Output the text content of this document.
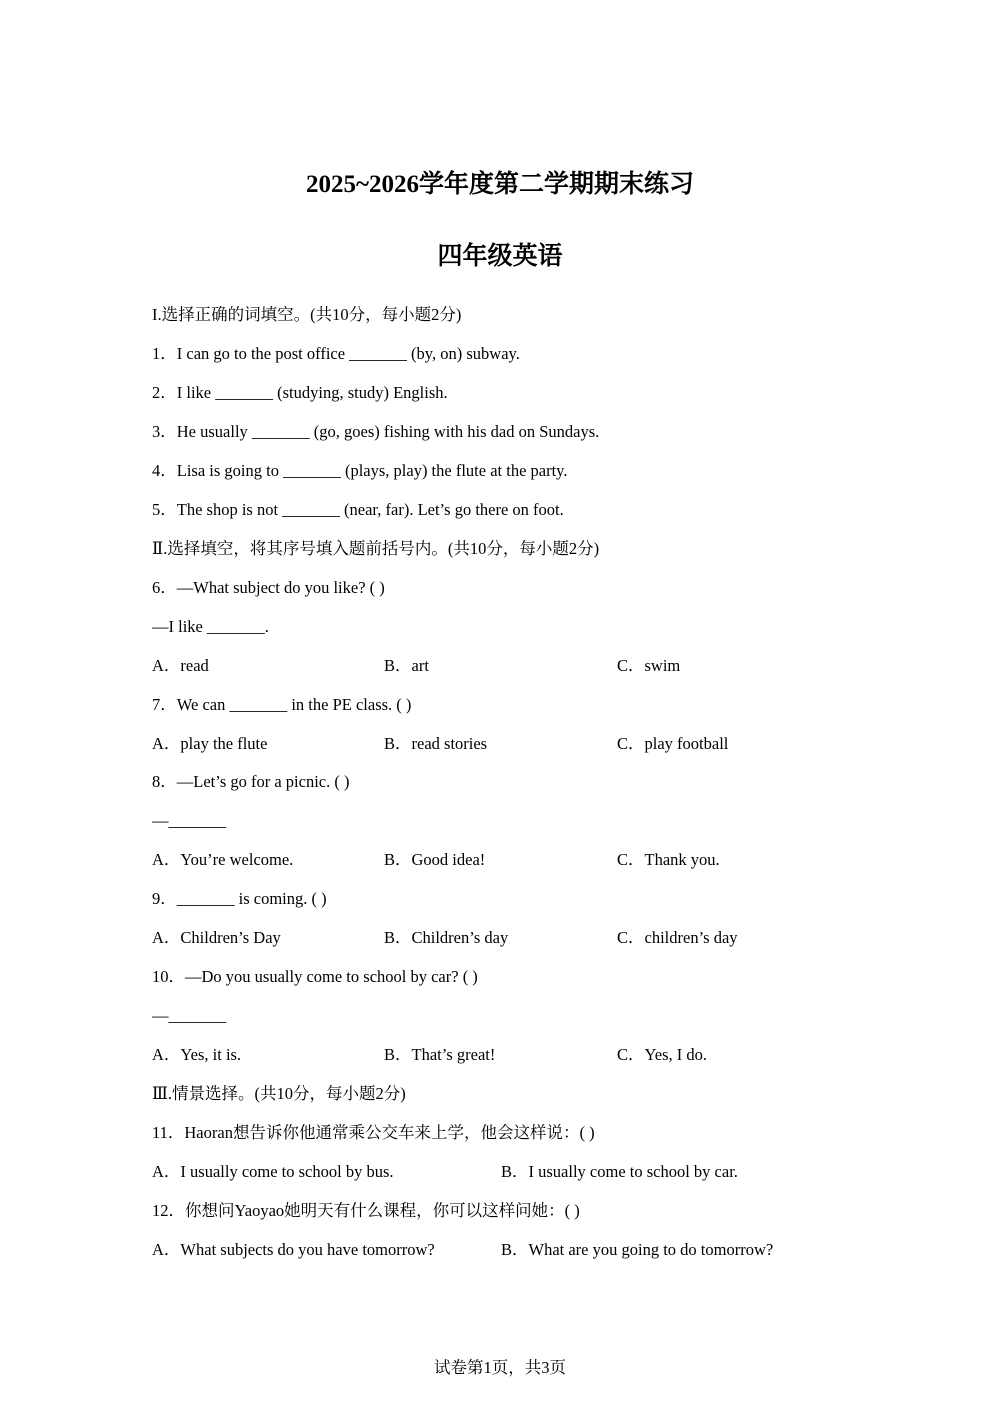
2025~2026学年度第二学期期末练习
四年级英语
I.选择正确的词填空。(共10分，每小题2分)
1．I can go to the post office _______ (by, on) subway.
2．I like _______ (studying, study) English.
3．He usually _______ (go, goes) fishing with his dad on Sundays.
4．Lisa is going to _______ (plays, play) the flute at the party.
5．The shop is not _______ (near, far). Let’s go there on foot.
Ⅱ.选择填空，将其序号填入题前括号内。(共10分，每小题2分)
6．—What subject do you like? ( )
—I like _______.
A．read	B．art	C．swim
7．We can _______ in the PE class. ( )
A．play the flute	B．read stories	C．play football
8．—Let’s go for a picnic. ( )
—_______
A．You’re welcome.	B．Good idea!	C．Thank you.
9．_______ is coming. ( )
A．Children’s Day	B．Children’s day	C．children’s day
10．—Do you usually come to school by car? ( )
—_______
A．Yes, it is.	B．That’s great!	C．Yes, I do.
Ⅲ.情景选择。(共10分，每小题2分)
11．Haoran想告诉你他通常乘公交车来上学，他会这样说：( )
A．I usually come to school by bus.	B．I usually come to school by car.
12．你想问Yaoyao她明天有什么课程，你可以这样问她：( )
A．What subjects do you have tomorrow?	B．What are you going to do tomorrow?
试卷第1页，共3页
